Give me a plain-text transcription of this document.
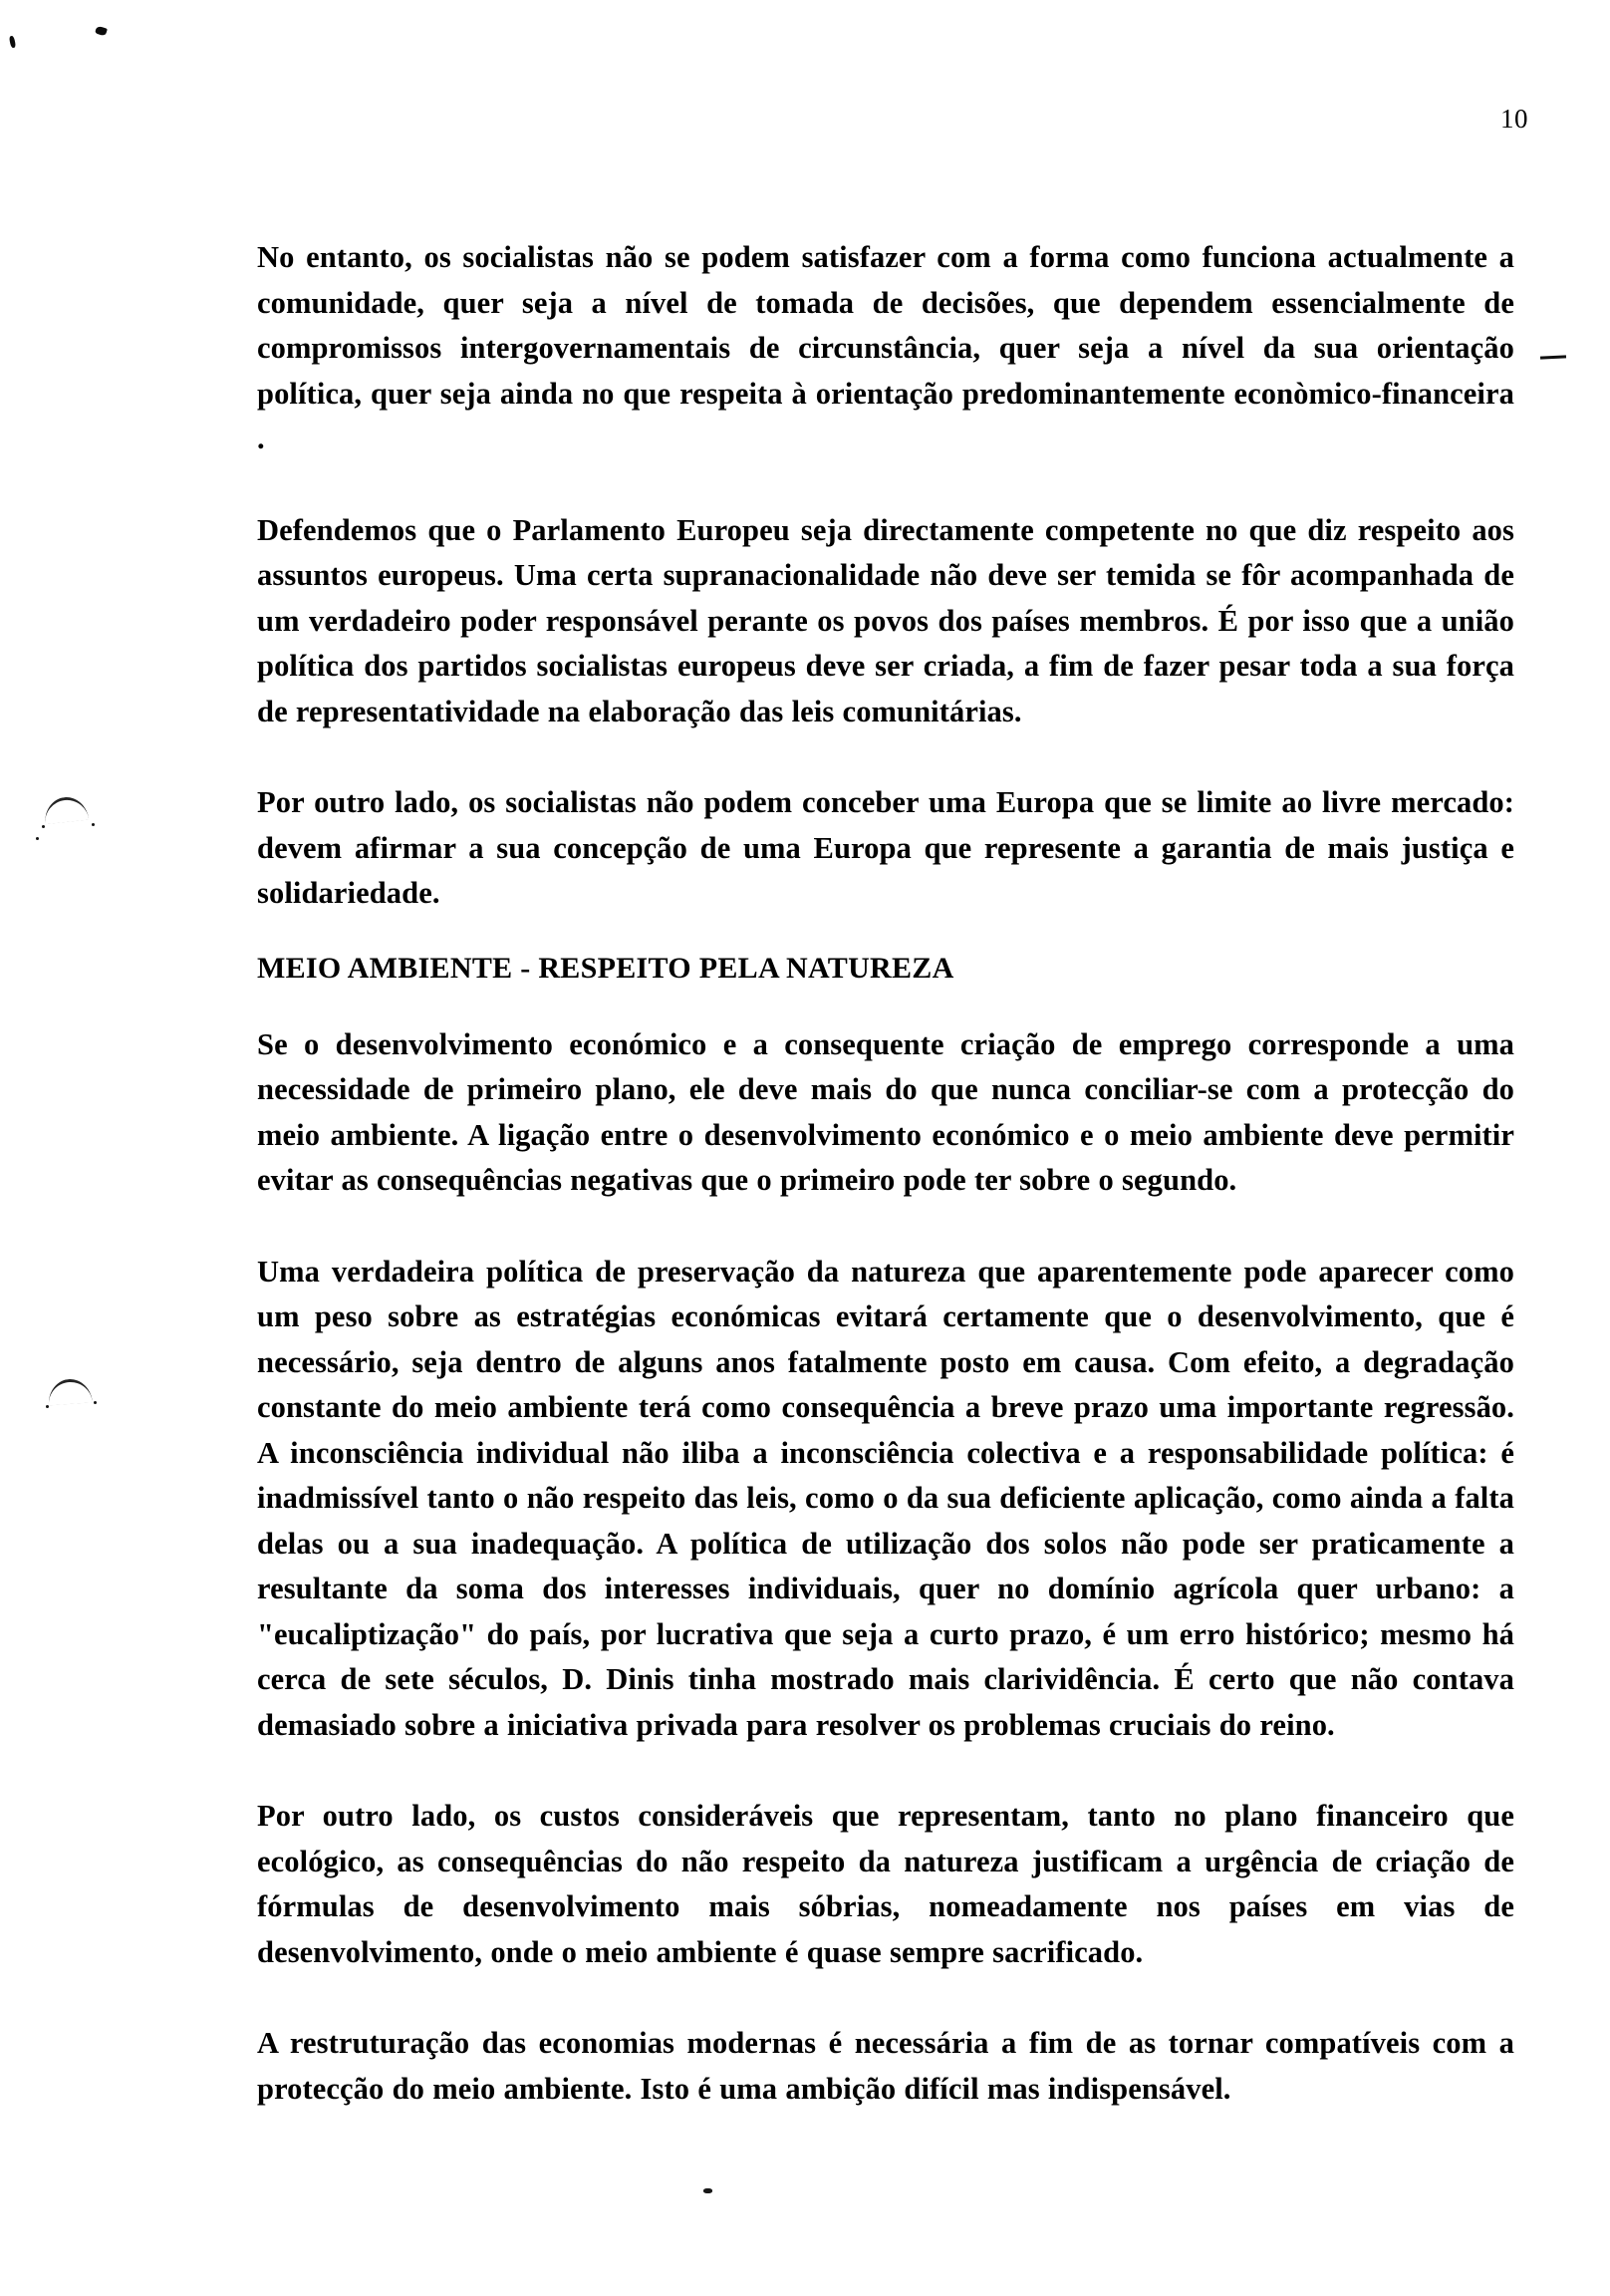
10

No entanto, os socialistas não se podem satisfazer com a forma como funciona actualmente a comunidade, quer seja a nível de tomada de decisões, que dependem essencialmente de compromissos intergovernamentais de circunstância, quer seja a nível da sua orientação política, quer seja ainda no que respeita à orientação predominantemente econòmico-financeira .

Defendemos que o Parlamento Europeu seja directamente competente no que diz respeito aos assuntos europeus. Uma certa supranacionalidade não deve ser temida se fôr acompanhada de um verdadeiro poder responsável perante os povos dos países membros. É por isso que a união política dos partidos socialistas europeus deve ser criada, a fim de fazer pesar toda a sua força de representatividade na elaboração das leis comunitárias.

Por outro lado, os socialistas não podem conceber uma Europa que se limite ao livre mercado: devem afirmar a sua concepção de uma Europa que represente a garantia de mais justiça e solidariedade.

MEIO AMBIENTE - RESPEITO PELA NATUREZA

Se o desenvolvimento económico e a consequente criação de emprego corresponde a uma necessidade de primeiro plano, ele deve mais do que nunca conciliar-se com a protecção do meio ambiente. A ligação entre o desenvolvimento económico e o meio ambiente deve permitir evitar as consequências negativas que o primeiro pode ter sobre o segundo.

Uma verdadeira política de preservação da natureza que aparentemente pode aparecer como um peso sobre as estratégias económicas evitará certamente que o desenvolvimento, que é necessário, seja dentro de alguns anos fatalmente posto em causa. Com efeito, a degradação constante do meio ambiente terá como consequência a breve prazo uma importante regressão. A inconsciência individual não iliba a inconsciência colectiva e a responsabilidade política: é inadmissível tanto o não respeito das leis, como o da sua deficiente aplicação, como ainda a falta delas ou a sua inadequação. A política de utilização dos solos não pode ser praticamente a resultante da soma dos interesses individuais, quer no domínio agrícola quer urbano: a "eucaliptização" do país, por lucrativa que seja a curto prazo, é um erro histórico; mesmo há cerca de sete séculos, D. Dinis tinha mostrado mais clarividência. É certo que não contava demasiado sobre a iniciativa privada para resolver os problemas cruciais do reino.

Por outro lado, os custos consideráveis que representam, tanto no plano financeiro que ecológico, as consequências do não respeito da natureza justificam a urgência de criação de fórmulas de desenvolvimento mais sóbrias, nomeadamente nos países em vias de desenvolvimento, onde o meio ambiente é quase sempre sacrificado.

A restruturação das economias modernas é necessária a fim de as tornar compatíveis com a protecção do meio ambiente. Isto é uma ambição difícil mas indispensável.
